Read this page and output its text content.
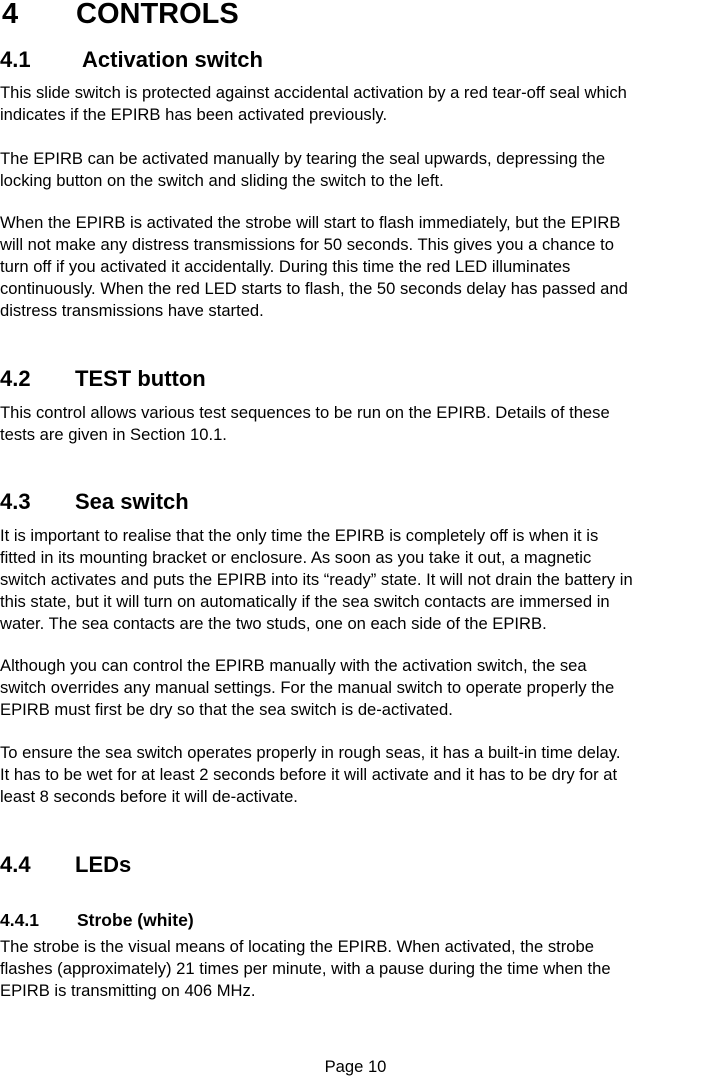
4 CONTROLS
4.1 Activation switch
This slide switch is protected against accidental activation by a red tear-off seal which
indicates if the EPIRB has been activated previously.
The EPIRB can be activated manually by tearing the seal upwards, depressing the
locking button on the switch and sliding the switch to the left.
When the EPIRB is activated the strobe will start to flash immediately, but the EPIRB
will not make any distress transmissions for 50 seconds. This gives you a chance to
turn off if you activated it accidentally. During this time the red LED illuminates
continuously. When the red LED starts to flash, the 50 seconds delay has passed and
distress transmissions have started.
4.2 TEST button
This control allows various test sequences to be run on the EPIRB. Details of these
tests are given in Section 10.1.
4.3 Sea switch
It is important to realise that the only time the EPIRB is completely off is when it is
fitted in its mounting bracket or enclosure. As soon as you take it out, a magnetic
switch activates and puts the EPIRB into its “ready” state. It will not drain the battery in
this state, but it will turn on automatically if the sea switch contacts are immersed in
water. The sea contacts are the two studs, one on each side of the EPIRB.
Although you can control the EPIRB manually with the activation switch, the sea
switch overrides any manual settings. For the manual switch to operate properly the
EPIRB must first be dry so that the sea switch is de-activated.
To ensure the sea switch operates properly in rough seas, it has a built-in time delay.
It has to be wet for at least 2 seconds before it will activate and it has to be dry for at
least 8 seconds before it will de-activate.
4.4 LEDs
4.4.1 Strobe (white)
The strobe is the visual means of locating the EPIRB. When activated, the strobe
flashes (approximately) 21 times per minute, with a pause during the time when the
EPIRB is transmitting on 406 MHz.
Page 10
